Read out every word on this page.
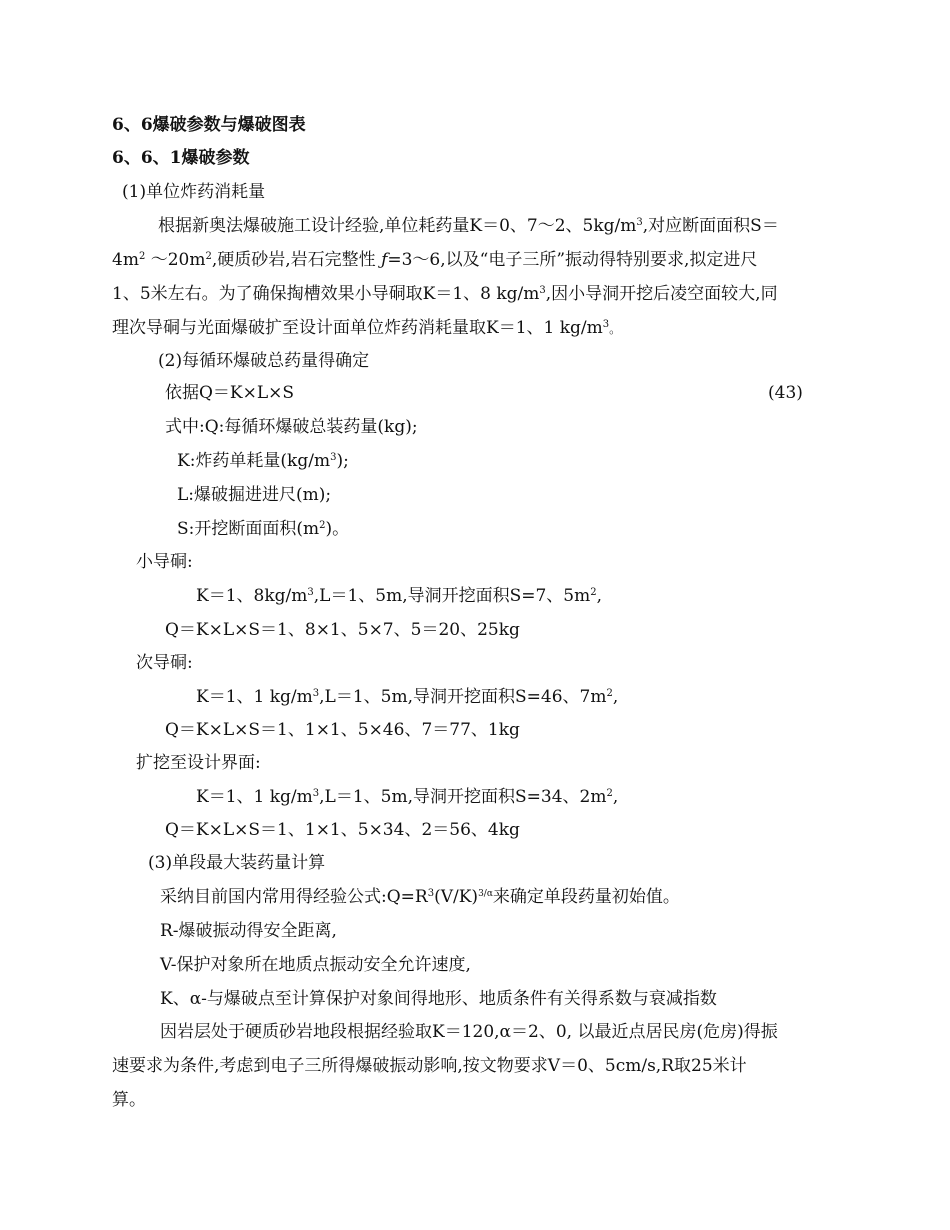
6、6爆破参数与爆破图表
6、6、1爆破参数
(1)单位炸药消耗量
根据新奥法爆破施工设计经验,单位耗药量K＝0、7～2、$5kg/m^3$,对应断面面积S＝
$4m^2$ $\sim 20m^2$,硬质砂岩,岩石完整性 ƒ=3～6,以及“电子三所”振动得特别要求,拟定进尺
1、5米左右。为了确保掏槽效果小导硐取K＝1、8 $kg/m^3$,因小导洞开挖后凌空面较大,同
理次导硐与光面爆破扩至设计面单位炸药消耗量取K＝1、1 $kg/m^3$。
(2)每循环爆破总药量得确定
依据Q＝K×L×S	(43)
式中:Q:每循环爆破总装药量(kg);
K:炸药单耗量$(kg/m^3)$;
L:爆破掘进进尺(m);
S:开挖断面面积$(m^2)$。
小导硐:
K＝1、$8kg/m^3,L=1$、5m,导洞开挖面积S=7、$5m^2$,
Q＝K×L×S＝1、8×1、5×7、5＝20、25kg
次导硐:
K＝1、1 $kg/m^3,L=1$、5m,导洞开挖面积S=46、$7m^2$,
Q＝K×L×S＝1、1×1、5×46、7＝77、1kg
扩挖至设计界面:
K＝1、1 $kg/m^3,L=1$、5m,导洞开挖面积S=34、$2m^2$,
Q＝K×L×S＝1、1×1、5×34、2＝56、4kg
(3)单段最大装药量计算
采纳目前国内常用得经验公式$:Q=R^3(V/K)^{3/\alpha}$来确定单段药量初始值。
R-爆破振动得安全距离,
V-保护对象所在地质点振动安全允许速度,
K、α-与爆破点至计算保护对象间得地形、地质条件有关得系数与衰减指数
因岩层处于硬质砂岩地段根据经验取K＝120,α＝2、0, 以最近点居民房(危房)得振
速要求为条件,考虑到电子三所得爆破振动影响,按文物要求V＝0、5cm/s,R取25米计
算。
